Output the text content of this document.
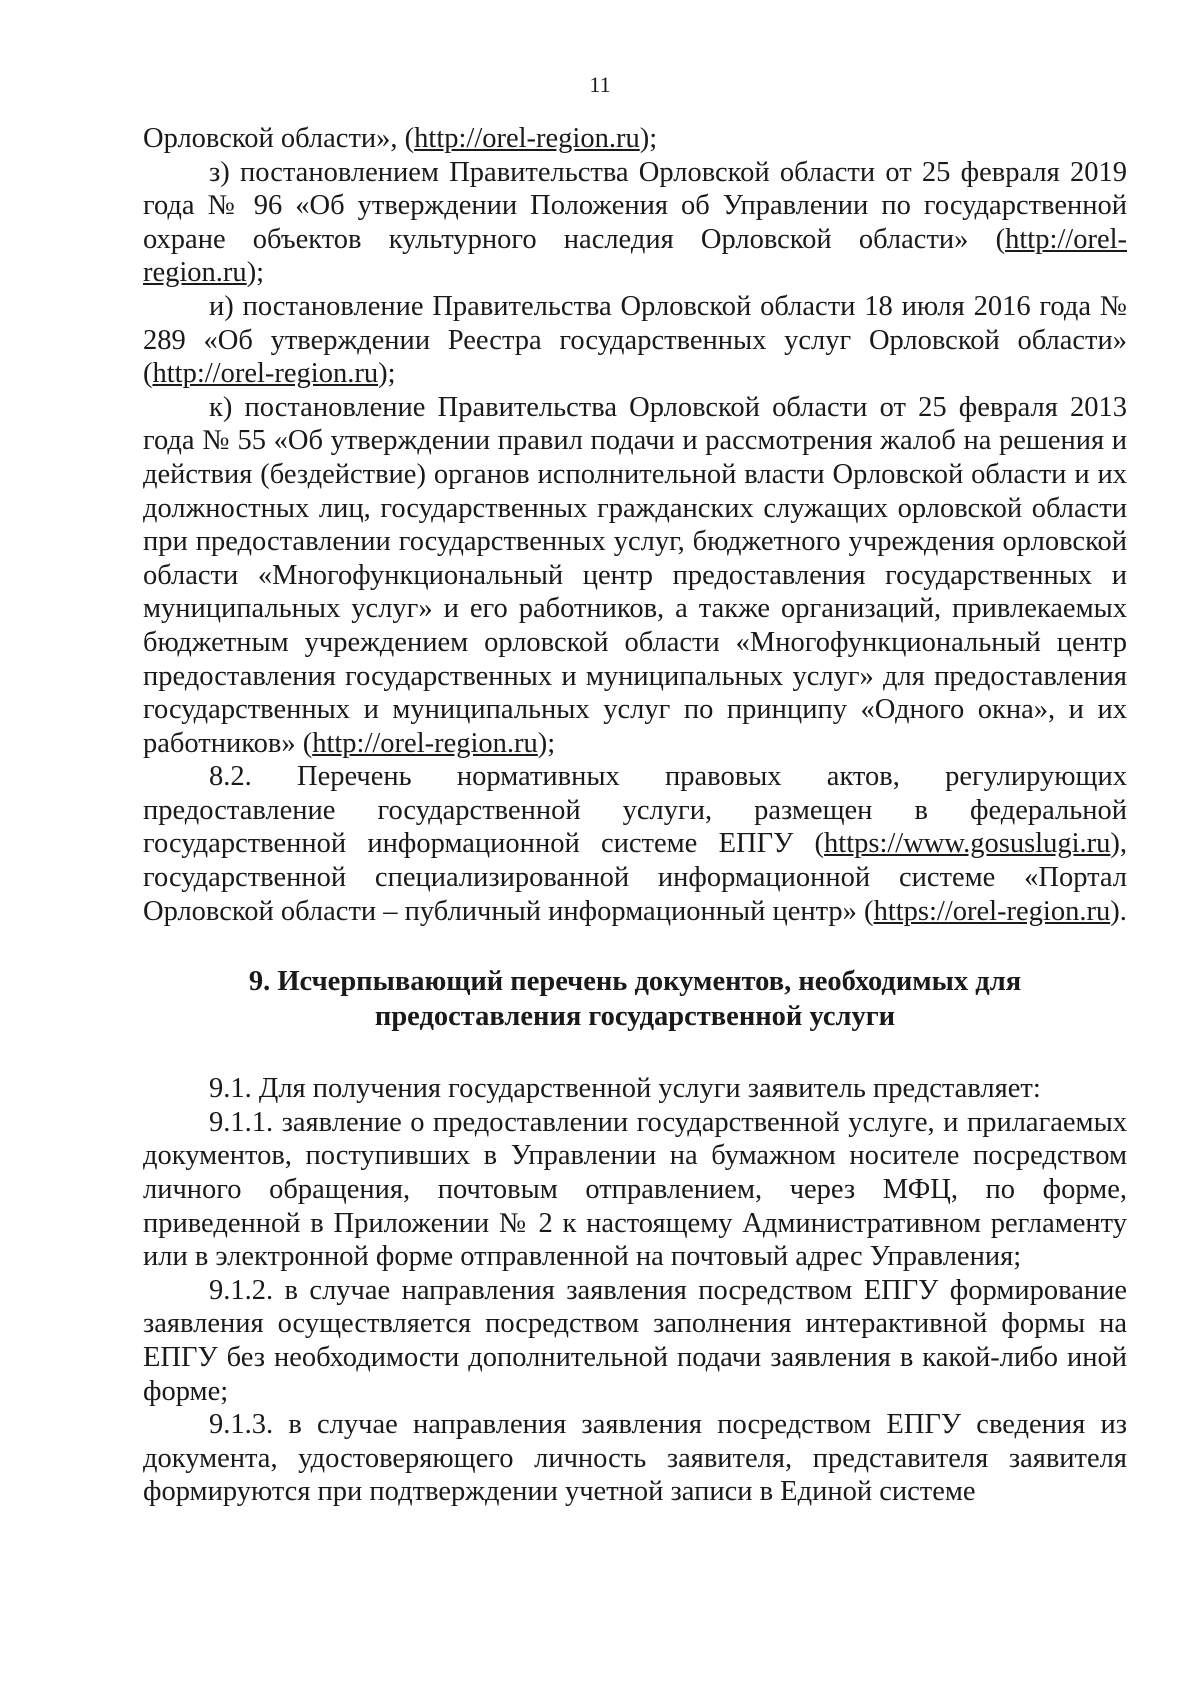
11

Орловской области», (http://orel-region.ru);

з) постановлением Правительства Орловской области от 25 февраля 2019 года № 96 «Об утверждении Положения об Управлении по государственной охране объектов культурного наследия Орловской области» (http://orel-region.ru);

и) постановление Правительства Орловской области 18 июля 2016 года № 289 «Об утверждении Реестра государственных услуг Орловской области» (http://orel-region.ru);

к) постановление Правительства Орловской области от 25 февраля 2013 года № 55 «Об утверждении правил подачи и рассмотрения жалоб на решения и действия (бездействие) органов исполнительной власти Орловской области и их должностных лиц, государственных гражданских служащих орловской области при предоставлении государственных услуг, бюджетного учреждения орловской области «Многофункциональный центр предоставления государственных и муниципальных услуг» и его работников, а также организаций, привлекаемых бюджетным учреждением орловской области «Многофункциональный центр предоставления государственных и муниципальных услуг» для предоставления государственных и муниципальных услуг по принципу «Одного окна», и их работников» (http://orel-region.ru);

8.2. Перечень нормативных правовых актов, регулирующих предоставление государственной услуги, размещен в федеральной государственной информационной системе ЕПГУ (https://www.gosuslugi.ru), государственной специализированной информационной системе «Портал Орловской области – публичный информационный центр» (https://orel-region.ru).

9. Исчерпывающий перечень документов, необходимых для
предоставления государственной услуги

9.1. Для получения государственной услуги заявитель представляет:

9.1.1. заявление о предоставлении государственной услуге, и прилагаемых документов, поступивших в Управлении на бумажном носителе посредством личного обращения, почтовым отправлением, через МФЦ, по форме, приведенной в Приложении № 2 к настоящему Административном регламенту или в электронной форме отправленной на почтовый адрес Управления;

9.1.2. в случае направления заявления посредством ЕПГУ формирование заявления осуществляется посредством заполнения интерактивной формы на ЕПГУ без необходимости дополнительной подачи заявления в какой-либо иной форме;

9.1.3. в случае направления заявления посредством ЕПГУ сведения из документа, удостоверяющего личность заявителя, представителя заявителя формируются при подтверждении учетной записи в Единой системе
